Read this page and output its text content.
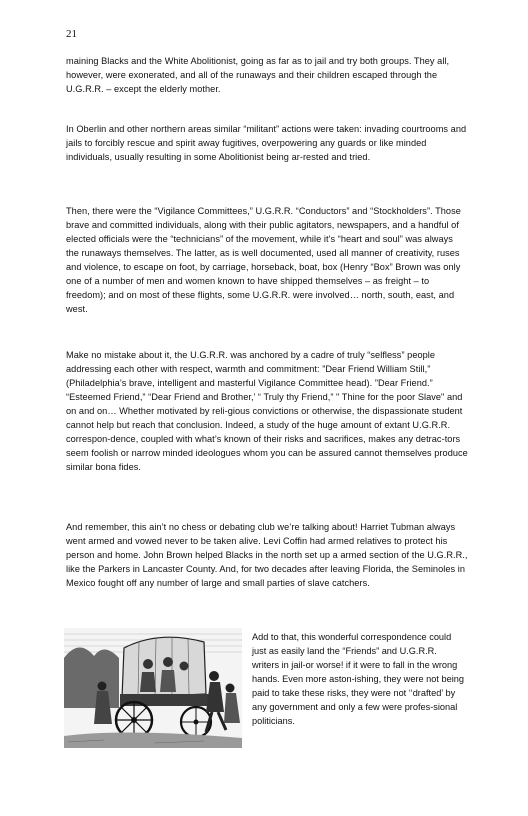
21

maining Blacks and the White Abolitionist, going as far as to jail and try both groups. They all, however, were exonerated, and all of the runaways and their children escaped through the U.G.R.R. – except the elderly mother.

In Oberlin and other northern areas similar “militant” actions were taken: invading courtrooms and jails to forcibly rescue and spirit away fugitives, overpowering any guards or like minded individuals, usually resulting in some Abolitionist being ar-rested and tried.

Then, there were the “Vigilance Committees,” U.G.R.R. “Conductors” and “Stockholders”. Those brave and committed individuals, along with their public agitators, newspapers, and a handful of elected officials were the “technicians” of the movement, while it’s “heart and soul” was always the runaways themselves. The latter, as is well documented, used all manner of creativity, ruses and violence, to escape on foot, by carriage, horseback, boat, box (Henry “Box” Brown was only one of a number of men and women known to have shipped themselves – as freight – to freedom); and on most of these flights, some U.G.R.R. were involved… north, south, east, and west.

Make no mistake about it, the U.G.R.R. was anchored by a cadre of truly “selfless” people addressing each other with respect, warmth and commitment: ”Dear Friend William Still,” (Philadelphia’s brave, intelligent and masterful Vigilance Committee head). ”Dear Friend.” “Esteemed Friend,” “Dear Friend and Brother,’ “ Truly thy Friend,” " Thine for the poor Slave" and on and on… Whether motivated by reli-gious convictions or otherwise, the dispassionate student cannot help but reach that conclusion. Indeed, a study of the huge amount of extant U.G.R.R. correspon-dence, coupled with what’s known of their risks and sacrifices, makes any detrac-tors seem foolish or narrow minded ideologues whom you can be assured cannot themselves produce similar bona fides.

And remember, this ain’t no chess or debating club we’re talking about! Harriet Tubman always went armed and vowed never to be taken alive. Levi Coffin had armed relatives to protect his person and home. John Brown helped Blacks in the north set up a armed section of the U.G.R.R., like the Parkers in Lancaster County. And, for two decades after leaving Florida, the Seminoles in Mexico fought off any number of large and small parties of slave catchers.

Add to that, this wonderful correspondence could just as easily land the “Friends” and U.G.R.R. writers in jail-or worse! if it were to fall in the wrong hands. Even more aston-ishing, they were not being paid to take these risks, they were not ‘‘drafted’ by any government and only a few were profes-sional politicians.
